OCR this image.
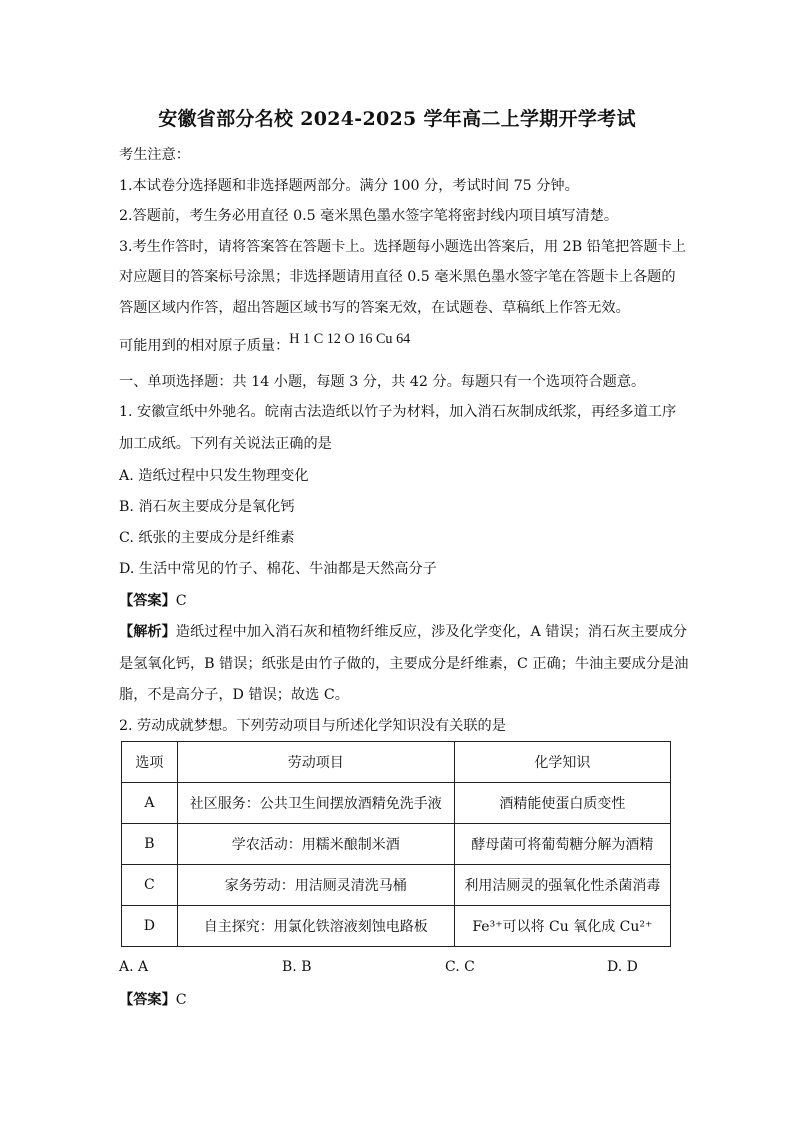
安徽省部分名校 2024-2025 学年高二上学期开学考试
考生注意：
1.本试卷分选择题和非选择题两部分。满分 100 分，考试时间 75 分钟。
2.答题前，考生务必用直径 0.5 毫米黑色墨水签字笔将密封线内项目填写清楚。
3.考生作答时，请将答案答在答题卡上。选择题每小题选出答案后，用 2B 铅笔把答题卡上
对应题目的答案标号涂黑；非选择题请用直径 0.5 毫米黑色墨水签字笔在答题卡上各题的
答题区域内作答，超出答题区域书写的答案无效，在试题卷、草稿纸上作答无效。
可能用到的相对原子质量：H 1 C 12 O 16 Cu 64
一、单项选择题：共 14 小题，每题 3 分，共 42 分。每题只有一个选项符合题意。
1. 安徽宣纸中外驰名。皖南古法造纸以竹子为材料，加入消石灰制成纸浆，再经多道工序
加工成纸。下列有关说法正确的是
A. 造纸过程中只发生物理变化
B. 消石灰主要成分是氧化钙
C. 纸张的主要成分是纤维素
D. 生活中常见的竹子、棉花、牛油都是天然高分子
【答案】C
【解析】造纸过程中加入消石灰和植物纤维反应，涉及化学变化，A 错误；消石灰主要成分
是氢氧化钙，B 错误；纸张是由竹子做的，主要成分是纤维素，C 正确；牛油主要成分是油
脂，不是高分子，D 错误；故选 C。
2. 劳动成就梦想。下列劳动项目与所述化学知识没有关联的是
选项	劳动项目	化学知识
A	社区服务：公共卫生间摆放酒精免洗手液	酒精能使蛋白质变性
B	学农活动：用糯米酿制米酒	酵母菌可将葡萄糖分解为酒精
C	家务劳动：用洁厕灵清洗马桶	利用洁厕灵的强氧化性杀菌消毒
D	自主探究：用氯化铁溶液刻蚀电路板	Fe³⁺可以将 Cu 氧化成 Cu²⁺
A. A	B. B	C. C	D. D
【答案】C
